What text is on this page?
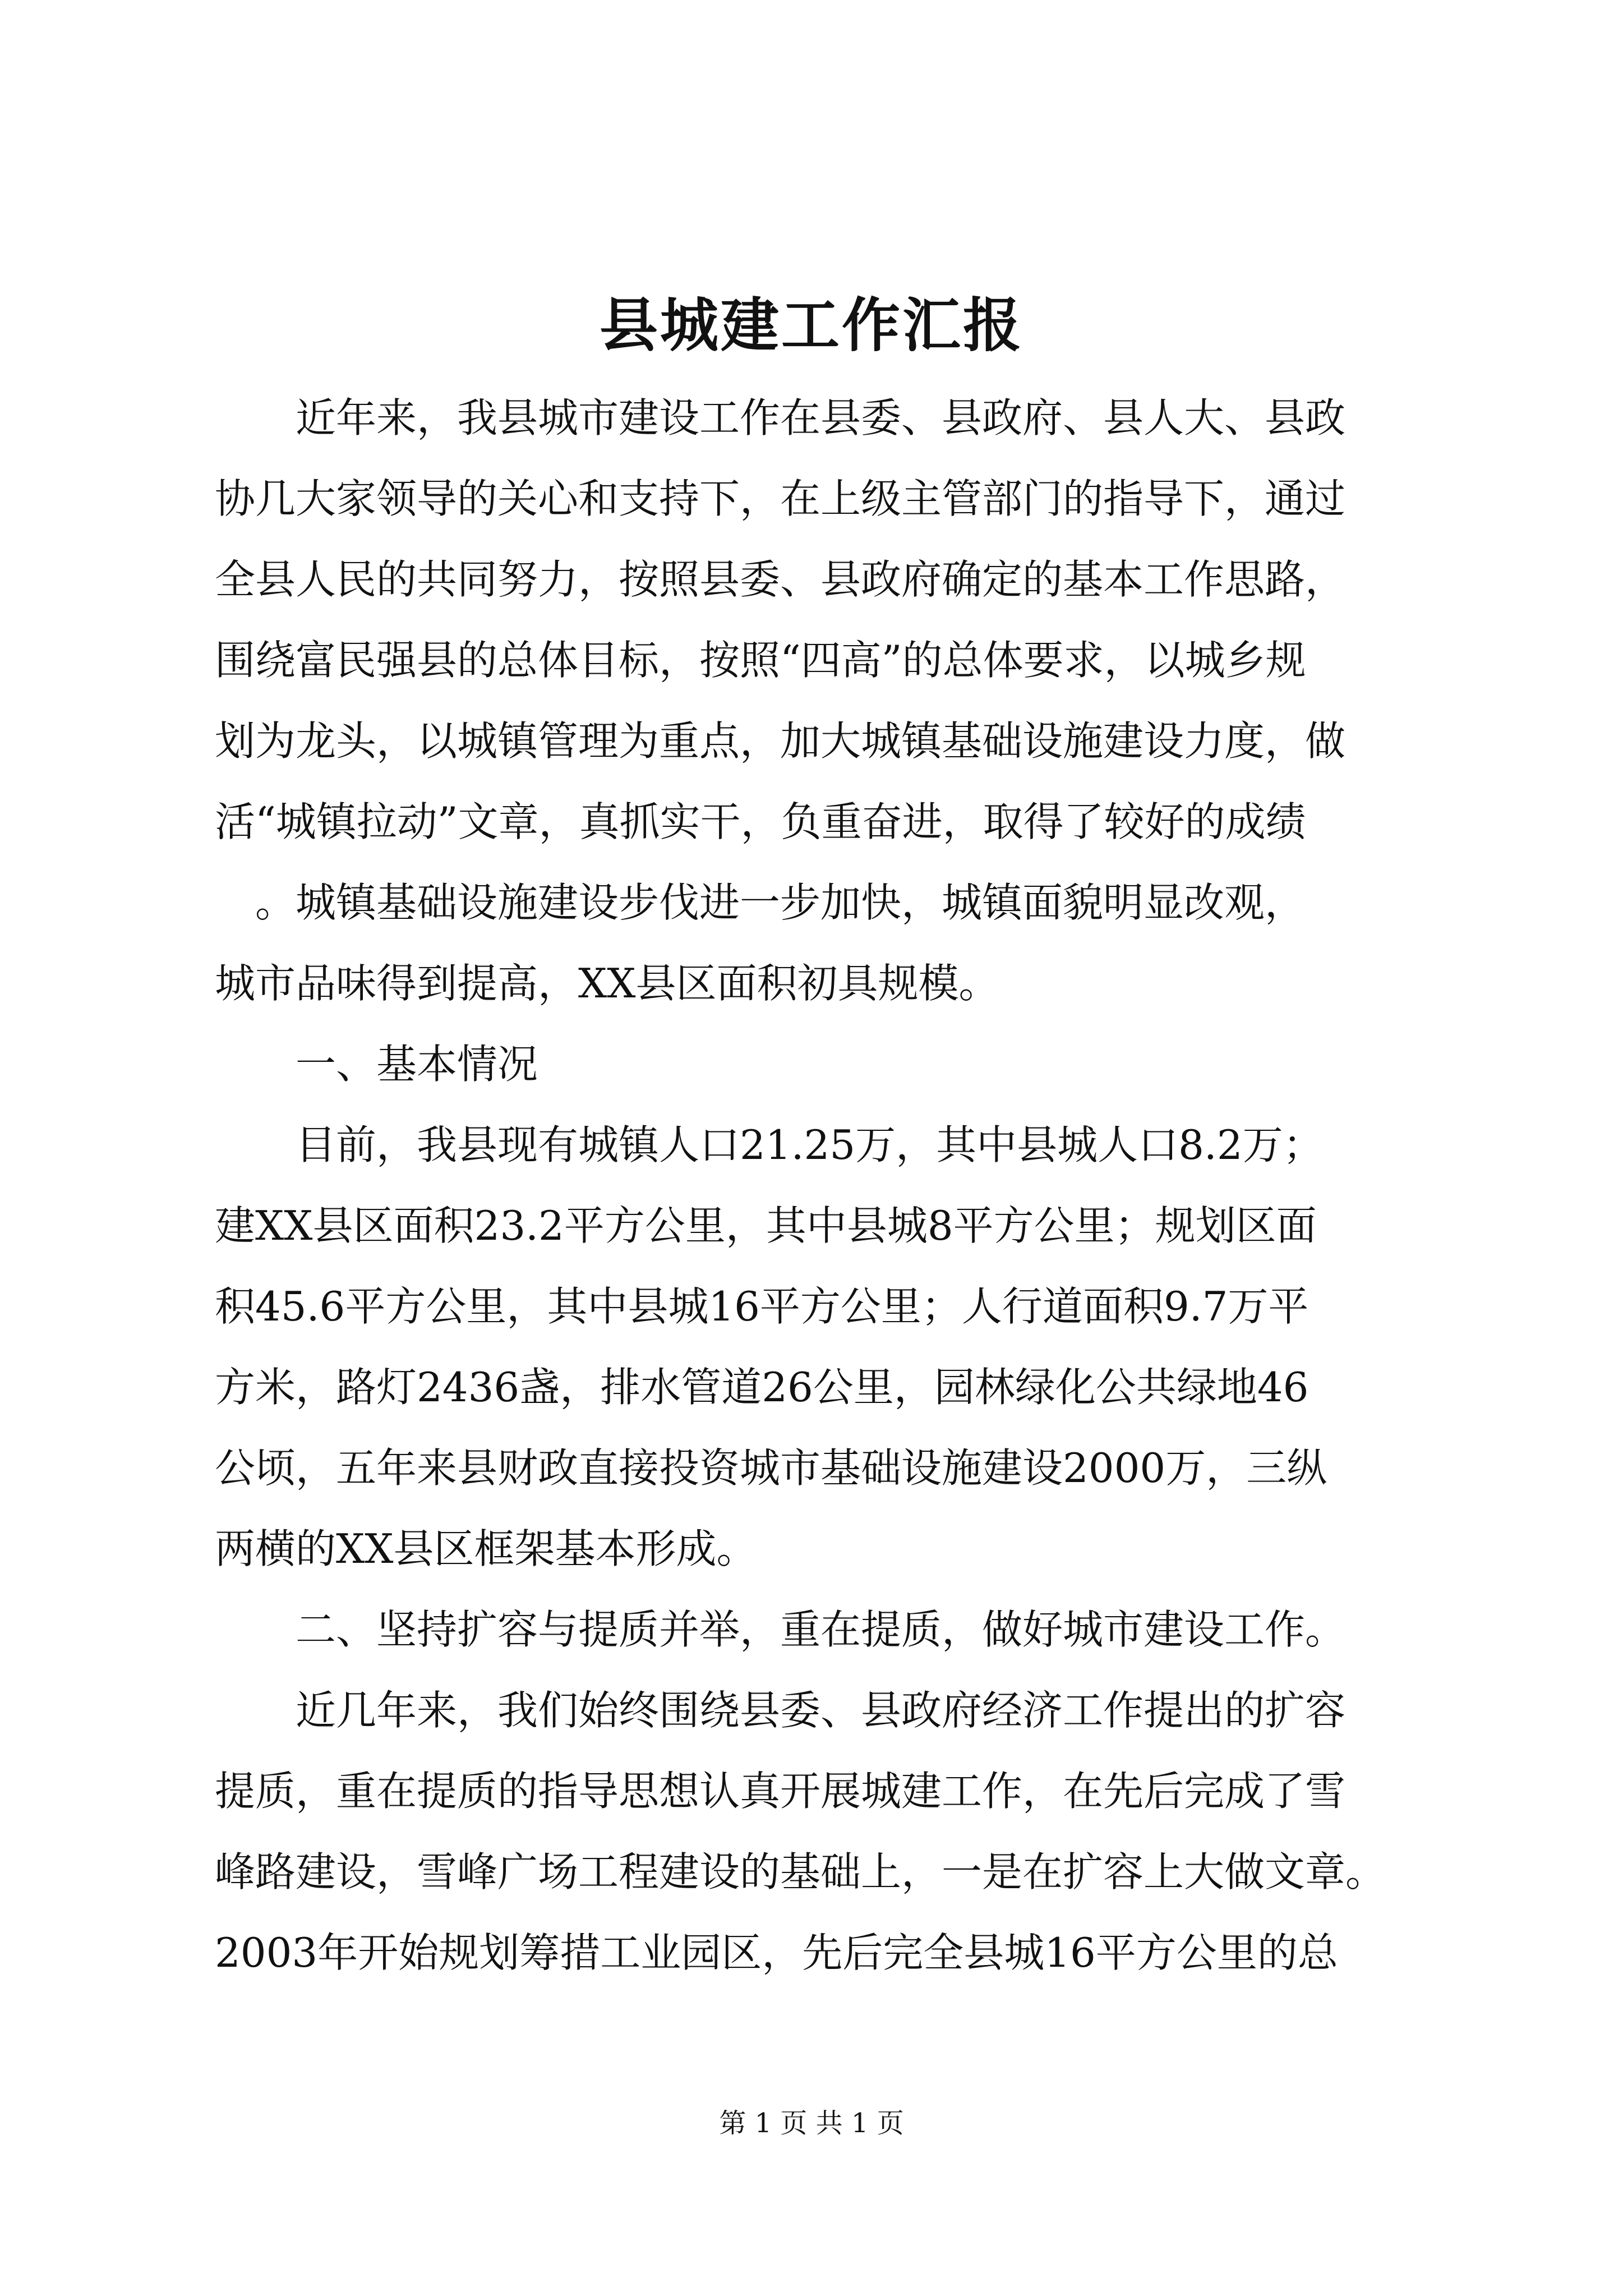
县城建工作汇报
　　近年来，我县城市建设工作在县委、县政府、县人大、县政
协几大家领导的关心和支持下，在上级主管部门的指导下，通过
全县人民的共同努力，按照县委、县政府确定的基本工作思路，
围绕富民强县的总体目标，按照“四高”的总体要求，以城乡规
划为龙头，以城镇管理为重点，加大城镇基础设施建设力度，做
活“城镇拉动”文章，真抓实干，负重奋进，取得了较好的成绩
　。城镇基础设施建设步伐进一步加快，城镇面貌明显改观，
城市品味得到提高，XX县区面积初具规模。
　　一、基本情况
　　目前，我县现有城镇人口21.25万，其中县城人口8.2万；
建XX县区面积23.2平方公里，其中县城8平方公里；规划区面
积45.6平方公里，其中县城16平方公里；人行道面积9.7万平
方米，路灯2436盏，排水管道26公里，园林绿化公共绿地46
公顷，五年来县财政直接投资城市基础设施建设2000万，三纵
两横的XX县区框架基本形成。
　　二、坚持扩容与提质并举，重在提质，做好城市建设工作。
　　近几年来，我们始终围绕县委、县政府经济工作提出的扩容
提质，重在提质的指导思想认真开展城建工作，在先后完成了雪
峰路建设，雪峰广场工程建设的基础上，一是在扩容上大做文章。
2003年开始规划筹措工业园区，先后完全县城16平方公里的总
第 1 页 共 1 页
